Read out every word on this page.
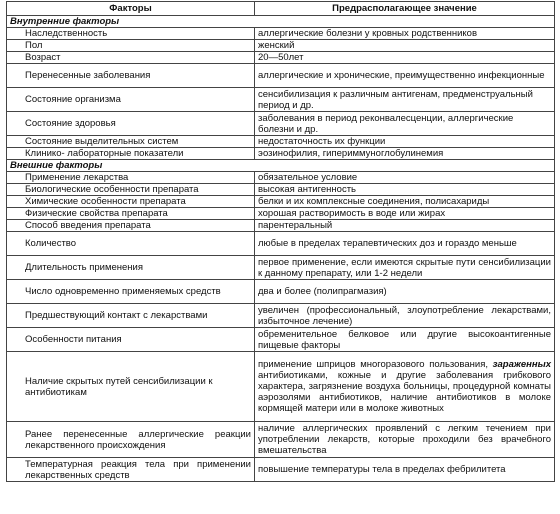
Факторы	Предрасполагающее значение
Внутренние факторы	
Наследственность	аллергические болезни у кровных родственников
Пол	женский
Возраст	20—50лет
Перенесенные заболевания	аллергические и хронические, преимущественно инфекционные
Состояние организма	сенсибилизация к различным антигенам, предменструальный период и др.
Состояние здоровья	заболевания в период реконвалесценции, аллергические болезни и др.
Состояние выделительных систем	недостаточность их функции
Клинико- лабораторные показатели	эозинофилия, гипериммуноглобулинемия
Внешние факторы	
Применение лекарства	обязательное условие
Биологические особенности препарата	высокая антигенность
Химические особенности препарата	белки и их комплексные соединения, полисахариды
Физические свойства препарата	хорошая растворимость в воде или жирах
Способ введения препарата	парентеральный
Количество	любые в пределах терапевтических доз и гораздо меньше
Длительность применения	первое применение, если имеются скрытые пути сенсибилизации к данному препарату, или 1-2 недели
Число одновременно применяемых средств	два и более (полипрагмазия)
Предшествующий контакт с лекарствами	увеличен (профессиональный, злоупотребление лекарствами, избыточное лечение)
Особенности питания	обременительное белковое или другие высокоантигенные пищевые факторы
Наличие скрытых путей сенсибилизации к антибиотикам	применение шприцов многоразового пользования, зараженных антибиотиками, кожные и другие заболевания грибкового характера, загрязнение воздуха больницы, процедурной комнаты аэрозолями антибиотиков, наличие антибиотиков в молоке кормящей матери или в молоке животных
Ранее перенесенные аллергические реакции лекарственного происхождения	наличие аллергических проявлений с легким течением при употреблении лекарств, которые проходили без врачебного вмешательства
Температурная реакция тела при применении лекарственных средств	повышение температуры тела в пределах фебрилитета
